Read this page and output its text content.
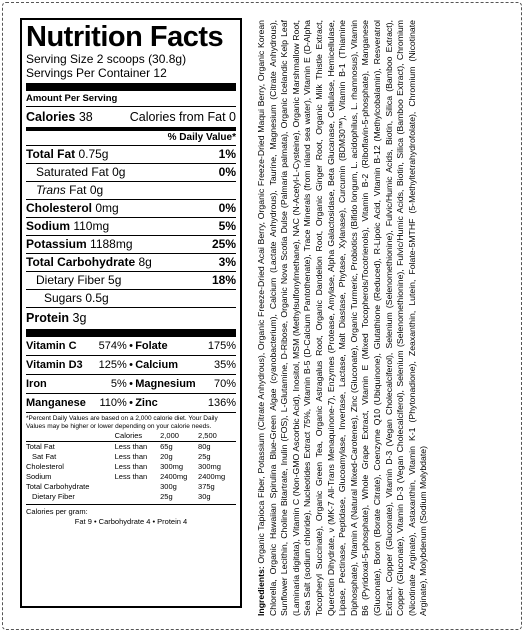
Nutrition Facts
Serving Size 2 scoops (30.8g)
Servings Per Container 12
Amount Per Serving
Calories 38	Calories from Fat 0
% Daily Value*
Total Fat 0.75g	1%
Saturated Fat 0g	0%
Trans Fat 0g
Cholesterol 0mg	0%
Sodium 110mg	5%
Potassium 1188mg	25%
Total Carbohydrate 8g	3%
Dietary Fiber 5g	18%
Sugars 0.5g
Protein 3g
Vitamin C 574% • Folate	175%
Vitamin D3 125% • Calcium	35%
Iron	5% • Magnesium 70%
Manganese 110% • Zinc	136%
*Percent Daily Values are based on a 2,000 calorie diet. Your Daily Values may be higher or lower depending on your calorie needs.
	Calories	2,000	2,500
Total Fat	Less than	65g	80g
Sat Fat	Less than	20g	25g
Cholesterol	Less than	300mg	300mg
Sodium	Less than	2400mg	2400mg
Total Carbohydrate		300g	375g
Dietary Fiber		25g	30g
Calories per gram:
Fat 9 • Carbohydrate 4 • Protein 4
Ingredients: Organic Tapioca Fiber, Potassium (Citrate Anhydrous), Organic Freeze-Dried Acai Berry, Organic Freeze-Dried Maqui Berry, Organic Korean Chlorella, Organic Hawaiian Spirulina Blue-Green Algae (cyanobacterium), Calcium (Lactate Anhydrous), Taurine, Magnesium (Citrate Anhydrous), Sunflower Lecithin, Choline Bitartrate, Inulin (FOS), L-Glutamine, D-Ribose, Organic Nova Scotia Dulse (Palmaria palmata), Organic Icelandic Kelp Leaf (Laminaria digitata), Vitamin C (Non-GMO Ascorbic Acid), Inositol, MSM (Methylsulfonylmethane), NAC (N-Acetyl-L-Cysteine), Organic Marshmallow Root, Sea Salt (sodium chloride), Nucleotides Extract 75%, Vitamin B-5 (D-Calcium Pantothenate), Trace Minerals (from inland sea water), Vitamin E (D-Alpha Tocopheryl Succinate), Organic Green Tea, Organic Astragalus Root, Organic Dandelion Root, Organic Ginger Root, Organic Milk Thistle Extract, Quercetin Dihydrate, ν (MK-7 All-Trans Menaquinone-7), Enzymes (Protease, Amylase, Alpha Galactosidase, Beta Glucanase, Cellulase, Hemicellulase, Lipase, Pectinase, Peptidase, Glucoamylase, Invertase, Lactase, Malt Diastase, Phytase, Xylanase), Curcumin (BDM30™), Vitamin B-1 (Thiamine Diphosphate), Vitamin A (Natural Mixed-Carotenes), Zinc (Gluconate), Organic Turmeric, Probiotics (Bifido longum, L. acidophilus, L. rhamnosus), Vitamin B6 (Pyridoxal-5-phosphate), Whole Grape Extract, Vitamin E (Mixed Tocopherols/Tocotrienols), Vitamin B-2 (Riboflavin-5-phosphate), Manganese (Gluconate), Boron (Borate Citrate), Coenzyme Q10 (Ubiquinone), Glutathione (Reduced), R-Lipoic Acid, Vitamin B-12 (Methylcobalamin), Resveratrol Extract, Copper (Gluconate), Vitamin D-3 (Vegan Cholecalciferol), Selenium (Selenomethionine), Fulvic/Humic Acids, Biotin, Silica (Bamboo Extract), Copper (Gluconate), Vitamin D-3 (Vegan Cholecalciferol), Selenium (Selenomethionine), Fulvic/Humic Acids, Biotin, Silica (Bamboo Extract), Chromium (Nicotinate Arginate), Astaxanthin, Vitamin K-1 (Phytonadione), Zeaxanthin, Lutein, Folate-5MTHF (5-Methyltetrahydrofolate), Chromium (Nicotinate Arginate), Molybdenum (Sodium Molybdate)
